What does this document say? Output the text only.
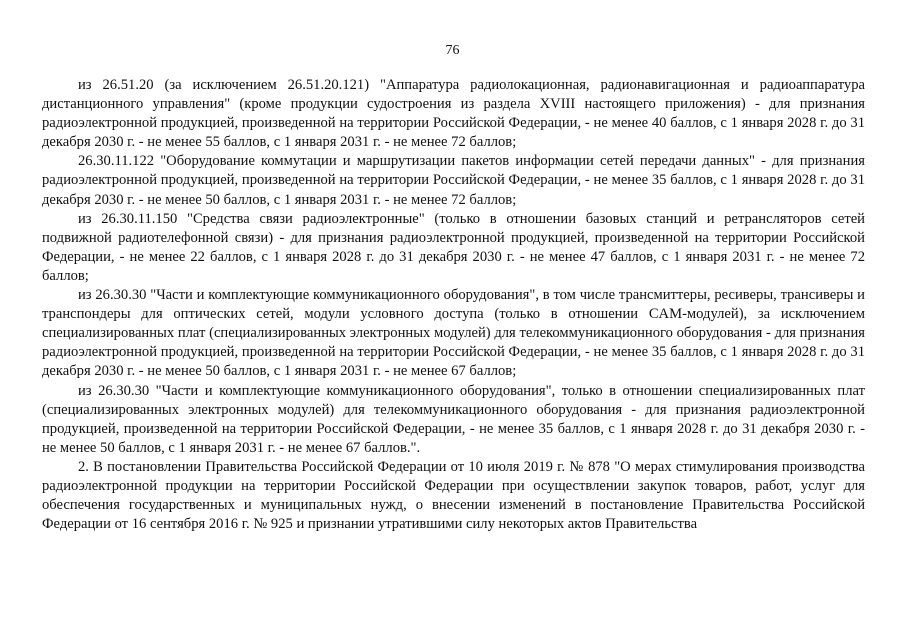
76

из 26.51.20 (за исключением 26.51.20.121) "Аппаратура радиолокационная, радионавигационная и радиоаппаратура дистанционного управления" (кроме продукции судостроения из раздела XVIII настоящего приложения) - для признания радиоэлектронной продукцией, произведенной на территории Российской Федерации, - не менее 40 баллов, с 1 января 2028 г. до 31 декабря 2030 г. - не менее 55 баллов, с 1 января 2031 г. - не менее 72 баллов;

26.30.11.122 "Оборудование коммутации и маршрутизации пакетов информации сетей передачи данных" - для признания радиоэлектронной продукцией, произведенной на территории Российской Федерации, - не менее 35 баллов, с 1 января 2028 г. до 31 декабря 2030 г. - не менее 50 баллов, с 1 января 2031 г. - не менее 72 баллов;

из 26.30.11.150 "Средства связи радиоэлектронные" (только в отношении базовых станций и ретрансляторов сетей подвижной радиотелефонной связи) - для признания радиоэлектронной продукцией, произведенной на территории Российской Федерации, - не менее 22 баллов, с 1 января 2028 г. до 31 декабря 2030 г. - не менее 47 баллов, с 1 января 2031 г. - не менее 72 баллов;

из 26.30.30 "Части и комплектующие коммуникационного оборудования", в том числе трансмиттеры, ресиверы, трансиверы и транспондеры для оптических сетей, модули условного доступа (только в отношении CAM-модулей), за исключением специализированных плат (специализированных электронных модулей) для телекоммуникационного оборудования - для признания радиоэлектронной продукцией, произведенной на территории Российской Федерации, - не менее 35 баллов, с 1 января 2028 г. до 31 декабря 2030 г. - не менее 50 баллов, с 1 января 2031 г. - не менее 67 баллов;

из 26.30.30 "Части и комплектующие коммуникационного оборудования", только в отношении специализированных плат (специализированных электронных модулей) для телекоммуникационного оборудования - для признания радиоэлектронной продукцией, произведенной на территории Российской Федерации, - не менее 35 баллов, с 1 января 2028 г. до 31 декабря 2030 г. - не менее 50 баллов, с 1 января 2031 г. - не менее 67 баллов.".

2. В постановлении Правительства Российской Федерации от 10 июля 2019 г. № 878 "О мерах стимулирования производства радиоэлектронной продукции на территории Российской Федерации при осуществлении закупок товаров, работ, услуг для обеспечения государственных и муниципальных нужд, о внесении изменений в постановление Правительства Российской Федерации от 16 сентября 2016 г. № 925 и признании утратившими силу некоторых актов Правительства
